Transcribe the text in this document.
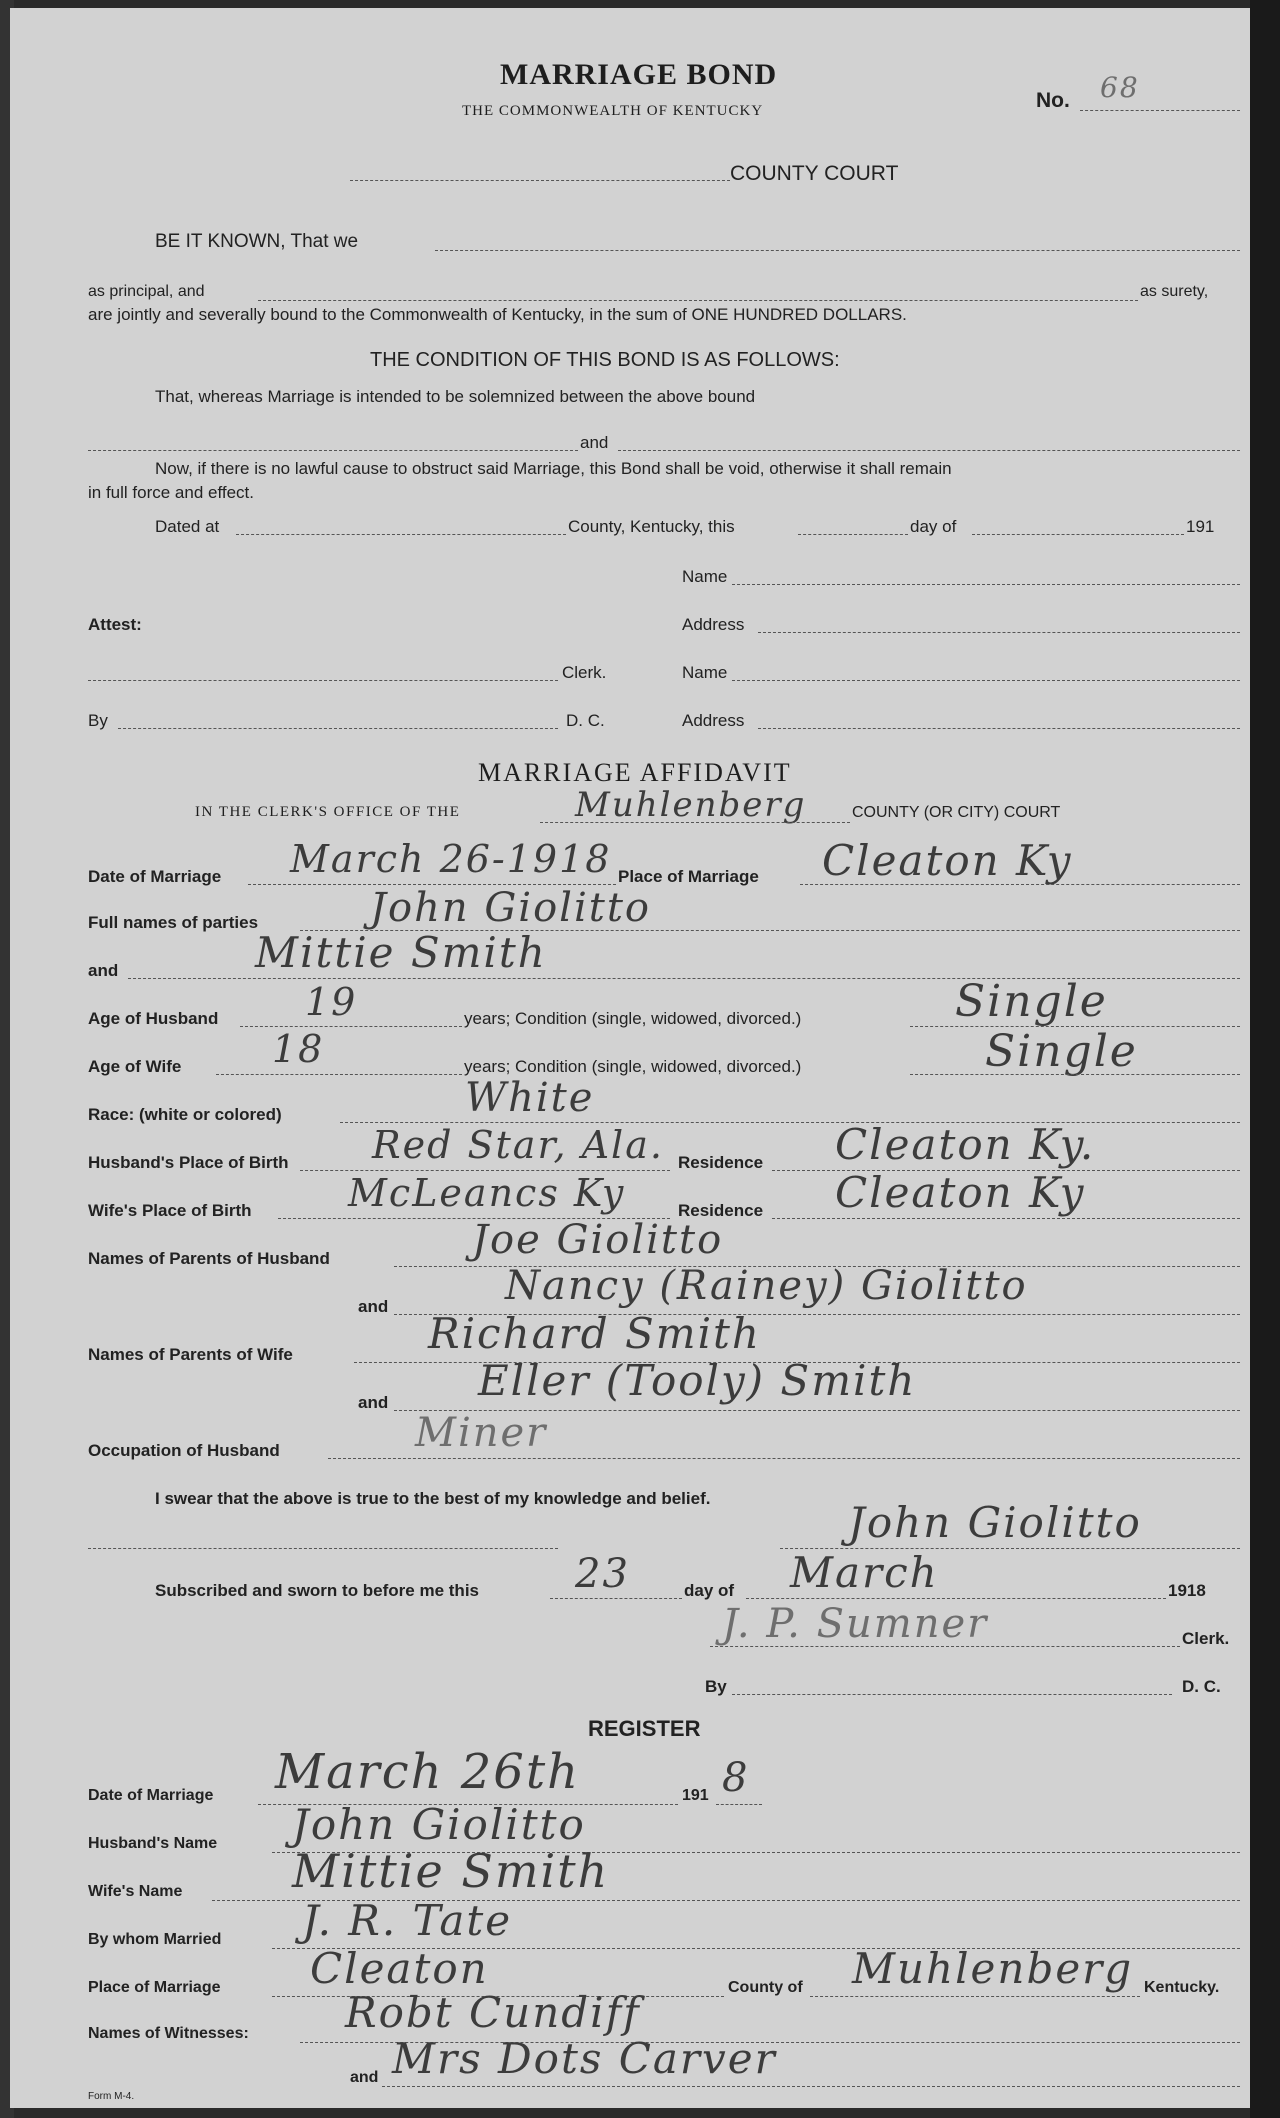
MARRIAGE BOND
THE COMMONWEALTH OF KENTUCKY	No. 68
COUNTY COURT
BE IT KNOWN, That we
as principal, and	as surety,
are jointly and severally bound to the Commonwealth of Kentucky, in the sum of ONE HUNDRED DOLLARS.
THE CONDITION OF THIS BOND IS AS FOLLOWS:
That, whereas Marriage is intended to be solemnized between the above bound
and
Now, if there is no lawful cause to obstruct said Marriage, this Bond shall be void, otherwise it shall remain
in full force and effect.
Dated at	County, Kentucky, this	day of	191
Name
Attest:	Address
Clerk.	Name
By	D. C.	Address
MARRIAGE AFFIDAVIT
IN THE CLERK'S OFFICE OF THE	Muhlenberg	COUNTY (OR CITY) COURT
Date of Marriage March 26-1918 Place of Marriage Cleaton Ky
Full names of parties	John Giolitto
and	Mittie Smith
Age of Husband 19	years; Condition (single, widowed, divorced.)	Single
Age of Wife 18	years; Condition (single, widowed, divorced.)	Single
Race: (white or colored)	White
Husband's Place of Birth Red Star, Ala. Residence Cleaton Ky.
Wife's Place of Birth	McLeancs Ky	Residence Cleaton Ky
Names of Parents of Husband	Joe Giolitto
and	Nancy (Rainey) Giolitto
Names of Parents of Wife	Richard Smith
and Eller (Tooly) Smith
Occupation of Husband	Miner
I swear that the above is true to the best of my knowledge and belief.	John Giolitto
Subscribed and sworn to before me this 23	day of March	1918
J. P. Sumner	Clerk.
By	D. C.
REGISTER
Date of Marriage March 26th	191 8
Husband's Name John Giolitto
Wife's Name Mittie Smith
By whom Married J. R. Tate
Place of Marriage Cleaton	County of Muhlenberg Kentucky.
Names of Witnesses: Robt Cundiff
and Mrs Dots Carver
Form M-4.
